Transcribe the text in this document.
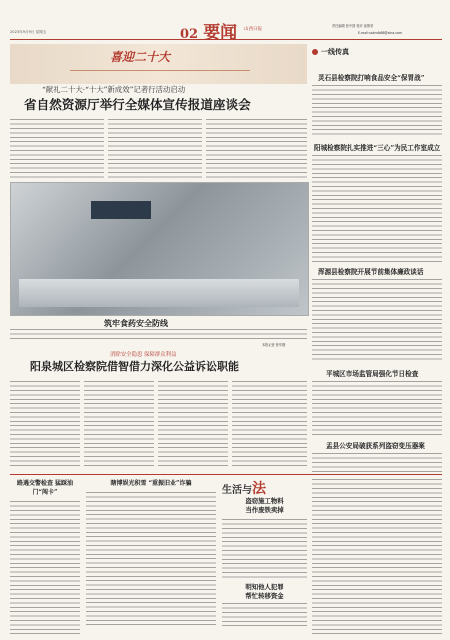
2023年9月9日 星期五	02 要闻	山西日报
责任编辑 张中国 校对 崔维荣
E-mail:sxkmlb88@sina.com
喜迎二十大
“献礼二十大·“十大”新成效”记者行活动启动
省自然资源厅举行全媒体宣传报道座谈会
筑牢食药安全防线
本报记者 张华摄
消除安全隐患 保障群众利益
阳泉城区检察院借智借力深化公益诉讼职能
一线传真
灵石县检察院打响食品安全“保胃战”
阳城检察院扎实推进“三心”为民工作室成立
浑源县检察院开展节前集体廉政谈话
平城区市场监管局强化节日检查
盂县公安局破获系列盗窃变压器案
路遇交警检查 猛踩油门“闯卡”
瞎博娱光积雪 “重振旧业”诈骗
生活与法
盗窃施工物料
当作废铁卖掉
明知他人犯罪
帮忙转移资金
